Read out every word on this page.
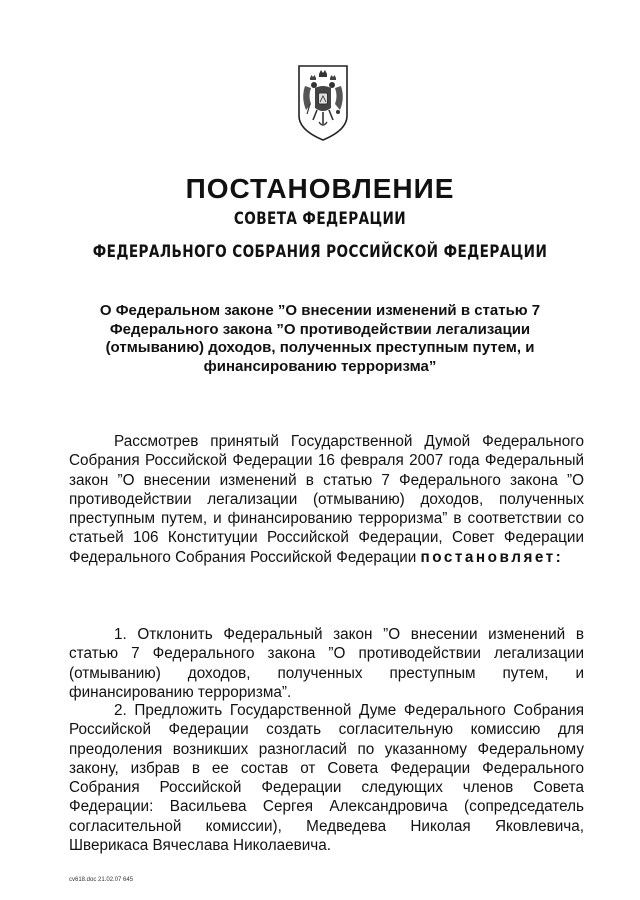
ПОСТАНОВЛЕНИЕ
СОВЕТА ФЕДЕРАЦИИ
ФЕДЕРАЛЬНОГО СОБРАНИЯ РОССИЙСКОЙ ФЕДЕРАЦИИ
О Федеральном законе ”О внесении изменений в статью 7 Федерального закона ”О противодействии легализации (отмыванию) доходов, полученных преступным путем, и финансированию терроризма”
Рассмотрев принятый Государственной Думой Федерального Собрания Российской Федерации 16 февраля 2007 года Федеральный закон ”О внесении изменений в статью 7 Федерального закона ”О противодействии легализации (отмыванию) доходов, полученных преступным путем, и финансированию терроризма” в соответствии со статьей 106 Конституции Российской Федерации, Совет Федерации Федерального Собрания Российской Федерации постановляет:
1. Отклонить Федеральный закон ”О внесении изменений в статью 7 Федерального закона ”О противодействии легализации (отмыванию) доходов, полученных преступным путем, и финансированию терроризма”.
2. Предложить Государственной Думе Федерального Собрания Российской Федерации создать согласительную комиссию для преодоления возникших разногласий по указанному Федеральному закону, избрав в ее состав от Совета Федерации Федерального Собрания Российской Федерации следующих членов Совета Федерации: Васильева Сергея Александровича (сопредседатель согласительной комиссии), Медведева Николая Яковлевича, Шверикаса Вячеслава Николаевича.
cv618.doc 21.02.07 645
